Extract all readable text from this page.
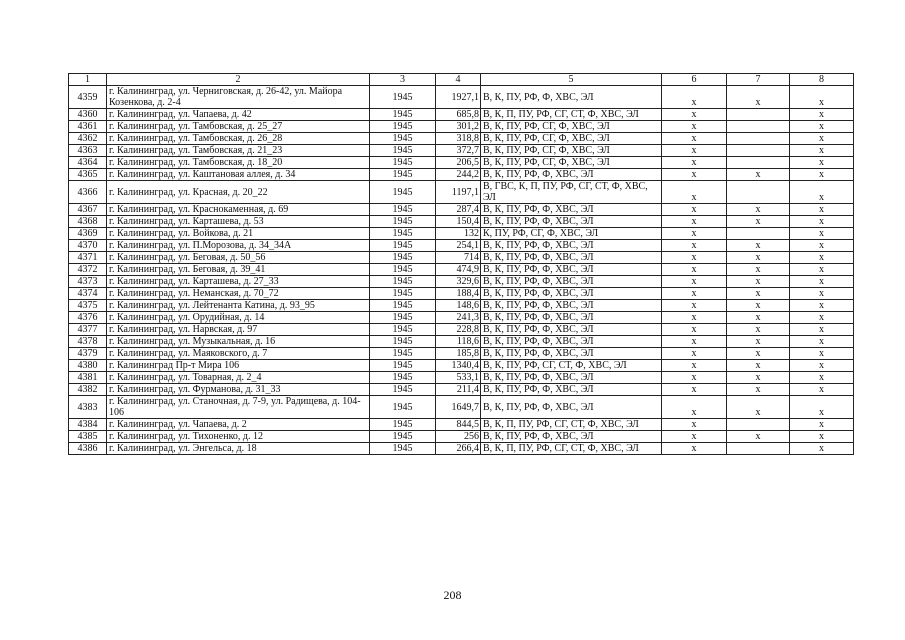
1	2	3	4	5	6	7	8
4359	г. Калининград, ул. Черниговская, д. 26-42, ул. Майора Козенкова, д. 2-4	1945	1927,1	В, К, ПУ, РФ, Ф, ХВС, ЭЛ	х	х	х
4360	г. Калининград, ул. Чапаева, д. 42	1945	685,8	В, К, П, ПУ, РФ, СГ, СТ, Ф, ХВС, ЭЛ	х		х
4361	г. Калининград, ул. Тамбовская, д. 25_27	1945	301,2	В, К, ПУ, РФ, СГ, Ф, ХВС, ЭЛ	х		х
4362	г. Калининград, ул. Тамбовская, д. 26_28	1945	318,8	В, К, ПУ, РФ, СГ, Ф, ХВС, ЭЛ	х		х
4363	г. Калининград, ул. Тамбовская, д. 21_23	1945	372,7	В, К, ПУ, РФ, СГ, Ф, ХВС, ЭЛ	х		х
4364	г. Калининград, ул. Тамбовская, д. 18_20	1945	206,5	В, К, ПУ, РФ, СГ, Ф, ХВС, ЭЛ	х		х
4365	г. Калининград, ул. Каштановая аллея, д. 34	1945	244,2	В, К, ПУ, РФ, Ф, ХВС, ЭЛ	х	х	х
4366	г. Калининград, ул. Красная, д. 20_22	1945	1197,1	В, ГВС, К, П, ПУ, РФ, СГ, СТ, Ф, ХВС, ЭЛ	х		х
4367	г. Калининград, ул. Краснокаменная, д. 69	1945	287,4	В, К, ПУ, РФ, Ф, ХВС, ЭЛ	х	х	х
4368	г. Калининград, ул. Карташева, д. 53	1945	150,4	В, К, ПУ, РФ, Ф, ХВС, ЭЛ	х	х	х
4369	г. Калининград, ул. Войкова, д. 21	1945	132	К, ПУ, РФ, СГ, Ф, ХВС, ЭЛ	х		х
4370	г. Калининград, ул. П.Морозова, д. 34_34А	1945	254,1	В, К, ПУ, РФ, Ф, ХВС, ЭЛ	х	х	х
4371	г. Калининград, ул. Беговая, д. 50_56	1945	714	В, К, ПУ, РФ, Ф, ХВС, ЭЛ	х	х	х
4372	г. Калининград, ул. Беговая, д. 39_41	1945	474,9	В, К, ПУ, РФ, Ф, ХВС, ЭЛ	х	х	х
4373	г. Калининград, ул. Карташева, д. 27_33	1945	329,6	В, К, ПУ, РФ, Ф, ХВС, ЭЛ	х	х	х
4374	г. Калининград, ул. Неманская, д. 70_72	1945	188,4	В, К, ПУ, РФ, Ф, ХВС, ЭЛ	х	х	х
4375	г. Калининград, ул. Лейтенанта Катина, д. 93_95	1945	148,6	В, К, ПУ, РФ, Ф, ХВС, ЭЛ	х	х	х
4376	г. Калининград, ул. Орудийная, д. 14	1945	241,3	В, К, ПУ, РФ, Ф, ХВС, ЭЛ	х	х	х
4377	г. Калининград, ул. Нарвская, д. 97	1945	228,8	В, К, ПУ, РФ, Ф, ХВС, ЭЛ	х	х	х
4378	г. Калининград, ул. Музыкальная, д. 16	1945	118,6	В, К, ПУ, РФ, Ф, ХВС, ЭЛ	х	х	х
4379	г. Калининград, ул. Маяковского, д. 7	1945	185,8	В, К, ПУ, РФ, Ф, ХВС, ЭЛ	х	х	х
4380	г. Калининград Пр-т Мира 106	1945	1340,4	В, К, ПУ, РФ, СГ, СТ, Ф, ХВС, ЭЛ	х	х	х
4381	г. Калининград, ул. Товарная, д. 2_4	1945	533,1	В, К, ПУ, РФ, Ф, ХВС, ЭЛ	х	х	х
4382	г. Калининград, ул. Фурманова, д. 31_33	1945	211,4	В, К, ПУ, РФ, Ф, ХВС, ЭЛ	х	х	х
4383	г. Калининград, ул. Станочная, д. 7-9, ул. Радищева, д. 104-106	1945	1649,7	В, К, ПУ, РФ, Ф, ХВС, ЭЛ	х	х	х
4384	г. Калининград, ул. Чапаева, д. 2	1945	844,5	В, К, П, ПУ, РФ, СГ, СТ, Ф, ХВС, ЭЛ	х		х
4385	г. Калининград, ул. Тихоненко, д. 12	1945	256	В, К, ПУ, РФ, Ф, ХВС, ЭЛ	х	х	х
4386	г. Калининград, ул. Энгельса, д. 18	1945	266,4	В, К, П, ПУ, РФ, СГ, СТ, Ф, ХВС, ЭЛ	х		х
208
